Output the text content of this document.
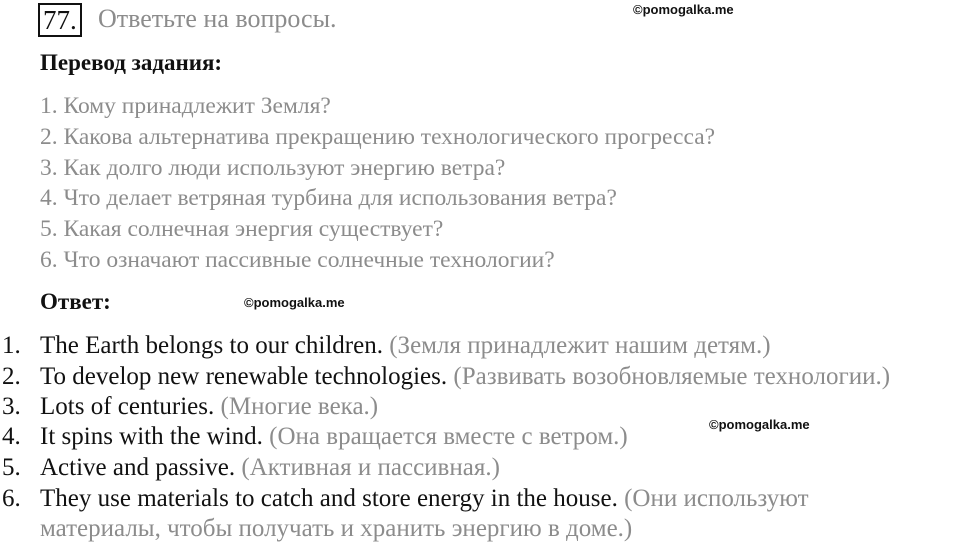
77. Ответьте на вопросы.	©pomogalka.me
Перевод задания:
1. Кому принадлежит Земля?
2. Какова альтернатива прекращению технологического прогресса?
3. Как долго люди используют энергию ветра?
4. Что делает ветряная турбина для использования ветра?
5. Какая солнечная энергия существует?
6. Что означают пассивные солнечные технологии?
Ответ:	©pomogalka.me
1. The Earth belongs to our children. (Земля принадлежит нашим детям.)
2. To develop new renewable technologies. (Развивать возобновляемые технологии.)
3. Lots of centuries. (Многие века.)
©pomogalka.me
4. It spins with the wind. (Она вращается вместе с ветром.)
5. Active and passive. (Активная и пассивная.)
6. They use materials to catch and store energy in the house. (Они используют
материалы, чтобы получать и хранить энергию в доме.)
